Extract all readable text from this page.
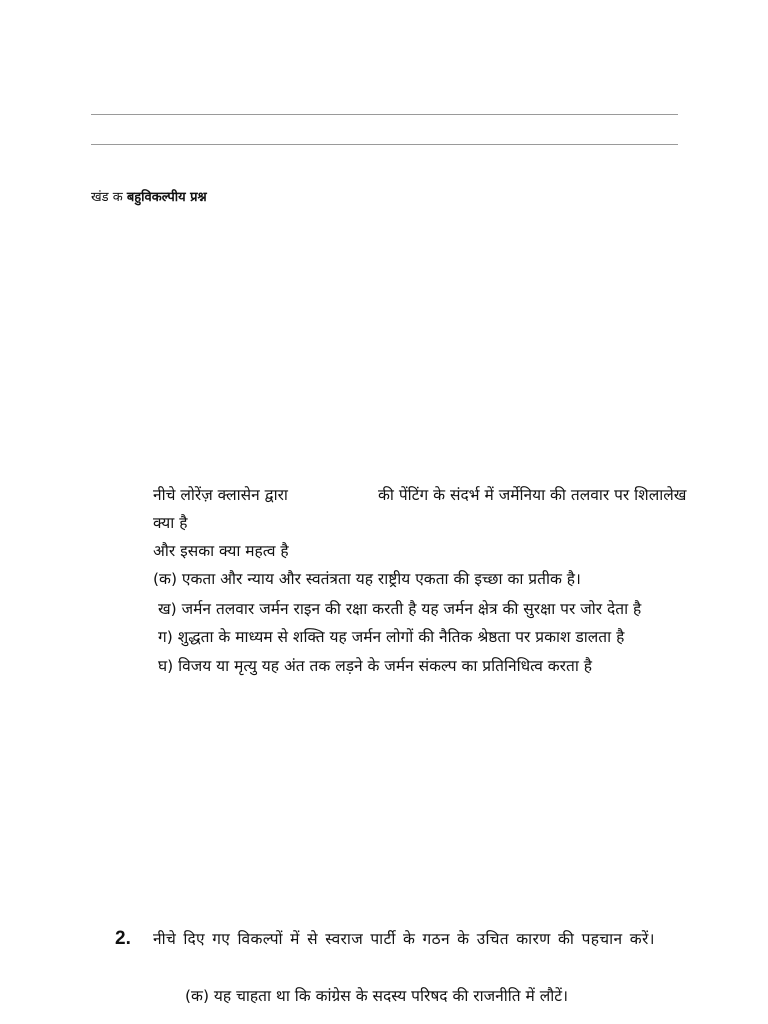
खंड क बहुविकल्पीय प्रश्न
नीचे लोरेंज़ क्लासेन द्वारा	की पेंटिंग के संदर्भ में जर्मेनिया की तलवार पर शिलालेख
क्या है
और इसका क्या महत्व है
(क) एकता और न्याय और स्वतंत्रता यह राष्ट्रीय एकता की इच्छा का प्रतीक है।
ख) जर्मन तलवार जर्मन राइन की रक्षा करती है यह जर्मन क्षेत्र की सुरक्षा पर जोर देता है
ग) शुद्धता के माध्यम से शक्ति यह जर्मन लोगों की नैतिक श्रेष्ठता पर प्रकाश डालता है
घ) विजय या मृत्यु यह अंत तक लड़ने के जर्मन संकल्प का प्रतिनिधित्व करता है
2. नीचे दिए गए विकल्पों में से स्वराज पार्टी के गठन के उचित कारण की पहचान करें।
(क) यह चाहता था कि कांग्रेस के सदस्य परिषद की राजनीति में लौटें।
